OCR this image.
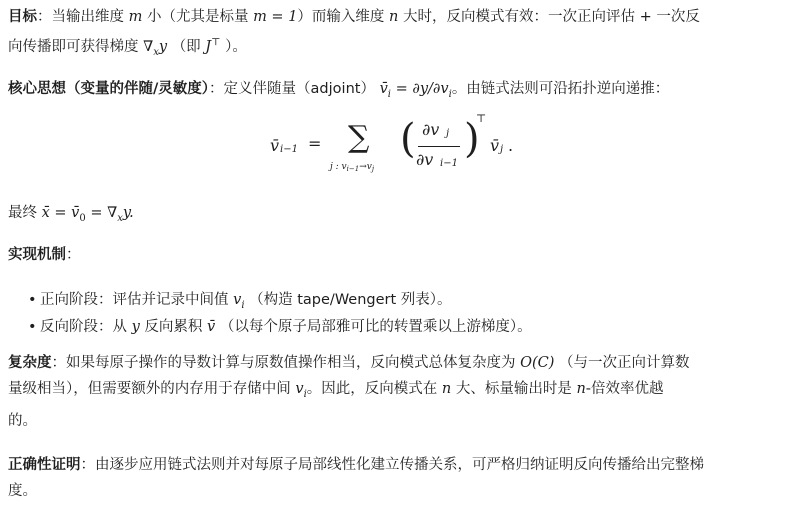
目标：当输出维度 m 小（尤其是标量 m = 1）而输入维度 n 大时，反向模式有效：一次正向评估 + 一次反
向传播即可获得梯度 $\nabla_xy$ （即 J⊤ ）。

核心思想（变量的伴随/灵敏度）：定义伴随量（adjoint） $v̄_i = \partial y/\partial v_i$。由链式法则可沿拓扑逆向递推：

v̄ i−1 = ∑
j : $v_{i-1}\to v_j$
( ∂v j
∂v i−1
)
⊤
v̄ j .

最终 x̄ = $v̄_0 = \nabla_xy$.

实现机制：

• 正向阶段：评估并记录中间值 $v_i$ （构造 tape/Wengert 列表）。
• 反向阶段：从 y 反向累积 v̄ （以每个原子局部雅可比的转置乘以上游梯度）。

复杂度：如果每原子操作的导数计算与原数值操作相当，反向模式总体复杂度为 O(C) （与一次正向计算数
量级相当），但需要额外的内存用于存储中间 $v_i$。因此，反向模式在 n 大、标量输出时是 n-倍效率优越
的。

正确性证明：由逐步应用链式法则并对每原子局部线性化建立传播关系，可严格归纳证明反向传播给出完整梯
度。
